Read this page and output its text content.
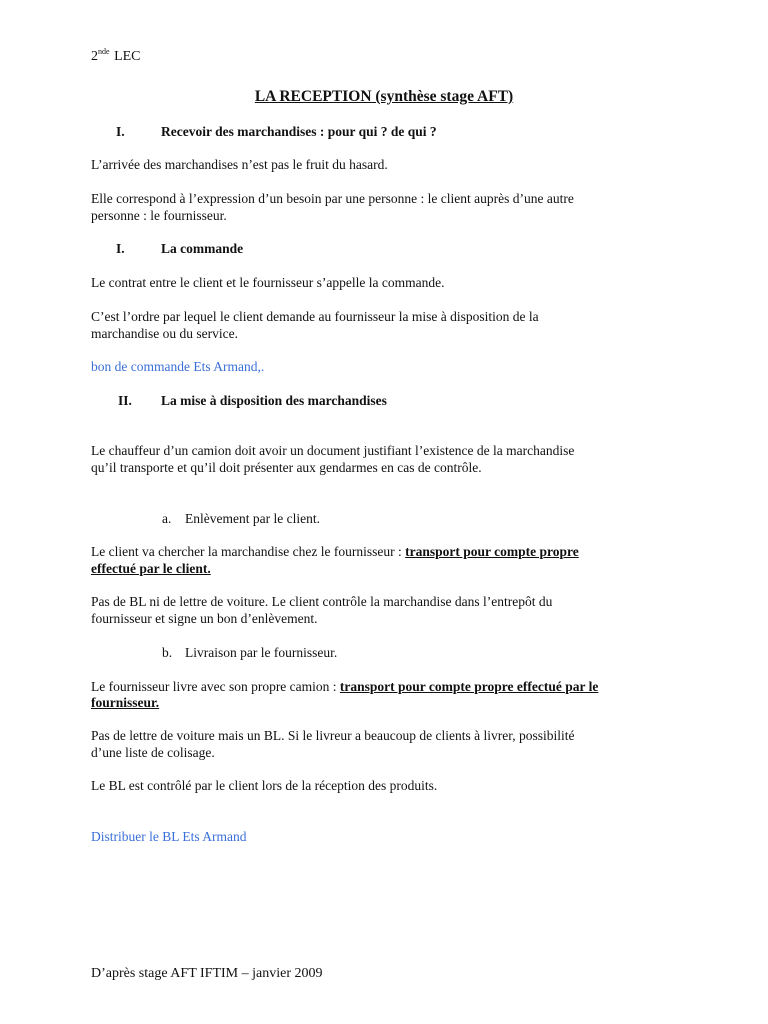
2nde LEC

LA RECEPTION (synthèse stage AFT)

I.	Recevoir des marchandises : pour qui ? de qui ?

L’arrivée des marchandises n’est pas le fruit du hasard.

Elle correspond à l’expression d’un besoin par une personne : le client auprès d’une autre

personne : le fournisseur.

I.	La commande

Le contrat entre le client et le fournisseur s’appelle la commande.

C’est l’ordre par lequel le client demande au fournisseur la mise à disposition de la

marchandise ou du service.

bon de commande Ets Armand,.

II. La mise à disposition des marchandises

Le chauffeur d’un camion doit avoir un document justifiant l’existence de la marchandise

qu’il transporte et qu’il doit présenter aux gendarmes en cas de contrôle.

a. Enlèvement par le client.

Le client va chercher la marchandise chez le fournisseur : transport pour compte propre

effectué par le client.

Pas de BL ni de lettre de voiture. Le client contrôle la marchandise dans l’entrepôt du

fournisseur et signe un bon d’enlèvement.

b. Livraison par le fournisseur.

Le fournisseur livre avec son propre camion : transport pour compte propre effectué par le

fournisseur.

Pas de lettre de voiture mais un BL. Si le livreur a beaucoup de clients à livrer, possibilité

d’une liste de colisage.

Le BL est contrôlé par le client lors de la réception des produits.

Distribuer le BL Ets Armand

D’après stage AFT IFTIM – janvier 2009
